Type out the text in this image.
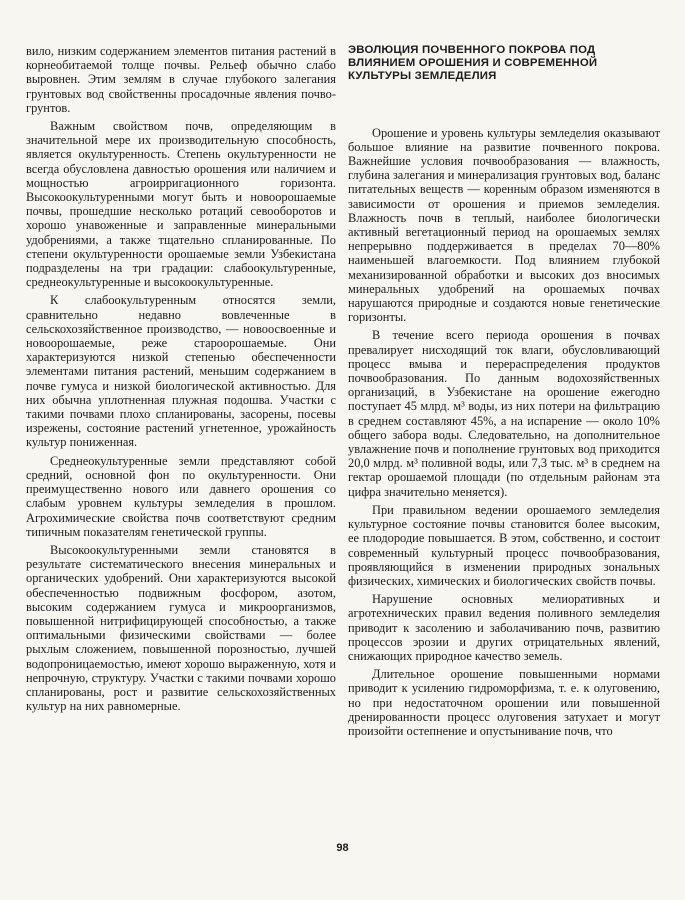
вило, низким содержанием элементов питания растений в корнеобитаемой толще почвы. Рельеф обычно слабо выровнен. Этим землям в случае глубокого залегания грунтовых вод свойственны просадочные явления почво-грунтов.

Важным свойством почв, определяющим в значительной мере их производительную способность, является окультуренность. Степень окультуренности не всегда обусловлена давностью орошения или наличием и мощностью агроирригационного горизонта. Высокоокультуренными могут быть и новоорошаемые почвы, прошедшие несколько ротаций севооборотов и хорошо унавоженные и заправленные минеральными удобрениями, а также тщательно спланированные. По степени окультуренности орошаемые земли Узбекистана подразделены на три градации: слабоокультуренные, среднеокультуренные и высокоокультуренные.

К слабоокультуренным относятся земли, сравнительно недавно вовлеченные в сельскохозяйственное производство, — новоосвоенные и новоорошаемые, реже староорошаемые. Они характеризуются низкой степенью обеспеченности элементами питания растений, меньшим содержанием в почве гумуса и низкой биологической активностью. Для них обычна уплотненная плужная подошва. Участки с такими почвами плохо спланированы, засорены, посевы изрежены, состояние растений угнетенное, урожайность культур пониженная.

Среднеокультуренные земли представляют собой средний, основной фон по окультуренности. Они преимущественно нового или давнего орошения со слабым уровнем культуры земледелия в прошлом. Агрохимические свойства почв соответствуют средним типичным показателям генетической группы.

Высокоокультуренными земли становятся в результате систематического внесения минеральных и органических удобрений. Они характеризуются высокой обеспеченностью подвижным фосфором, азотом, высоким содержанием гумуса и микроорганизмов, повышенной нитрифицирующей способностью, а также оптимальными физическими свойствами — более рыхлым сложением, повышенной порозностью, лучшей водопроницаемостью, имеют хорошо выраженную, хотя и непрочную, структуру. Участки с такими почвами хорошо спланированы, рост и развитие сельскохозяйственных культур на них равномерные.

ЭВОЛЮЦИЯ ПОЧВЕННОГО ПОКРОВА ПОД ВЛИЯНИЕМ ОРОШЕНИЯ И СОВРЕМЕННОЙ КУЛЬТУРЫ ЗЕМЛЕДЕЛИЯ

Орошение и уровень культуры земледелия оказывают большое влияние на развитие почвенного покрова. Важнейшие условия почвообразования — влажность, глубина залегания и минерализация грунтовых вод, баланс питательных веществ — коренным образом изменяются в зависимости от орошения и приемов земледелия. Влажность почв в теплый, наиболее биологически активный вегетационный период на орошаемых землях непрерывно поддерживается в пределах 70—80% наименьшей влагоемкости. Под влиянием глубокой механизированной обработки и высоких доз вносимых минеральных удобрений на орошаемых почвах нарушаются природные и создаются новые генетические горизонты.

В течение всего периода орошения в почвах превалирует нисходящий ток влаги, обусловливающий процесс вмыва и перераспределения продуктов почвообразования. По данным водохозяйственных организаций, в Узбекистане на орошение ежегодно поступает 45 млрд. м³ воды, из них потери на фильтрацию в среднем составляют 45%, а на испарение — около 10% общего забора воды. Следовательно, на дополнительное увлажнение почв и пополнение грунтовых вод приходится 20,0 млрд. м³ поливной воды, или 7,3 тыс. м³ в среднем на гектар орошаемой площади (по отдельным районам эта цифра значительно меняется).

При правильном ведении орошаемого земледелия культурное состояние почвы становится более высоким, ее плодородие повышается. В этом, собственно, и состоит современный культурный процесс почвообразования, проявляющийся в изменении природных зональных физических, химических и биологических свойств почвы.

Нарушение основных мелиоративных и агротехнических правил ведения поливного земледелия приводит к засолению и заболачиванию почв, развитию процессов эрозии и других отрицательных явлений, снижающих природное качество земель.

Длительное орошение повышенными нормами приводит к усилению гидроморфизма, т. е. к олуговению, но при недостаточном орошении или повышенной дренированности процесс олуговения затухает и могут произойти остепнение и опустынивание почв, что

98
